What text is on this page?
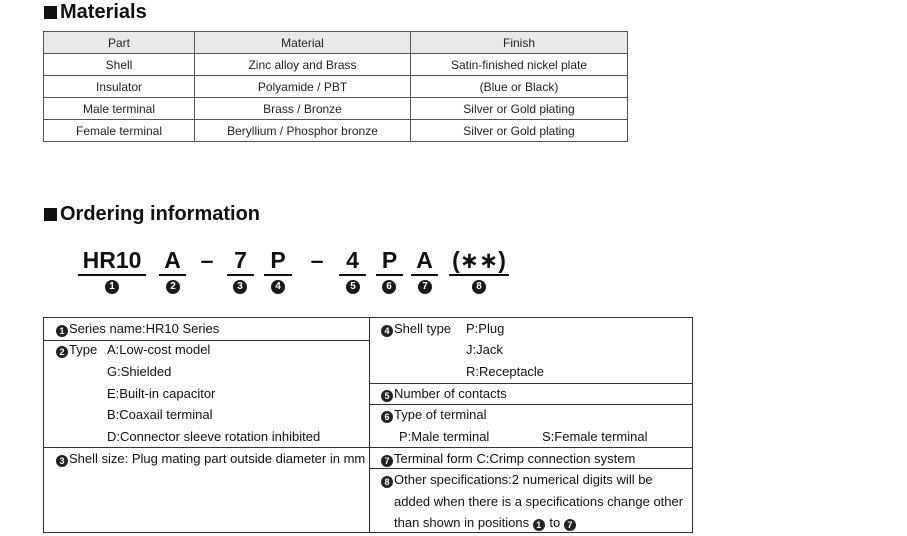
Materials
Part	Material	Finish
Shell	Zinc alloy and Brass	Satin-finished nickel plate
Insulator	Polyamide / PBT	(Blue or Black)
Male terminal	Brass / Bronze	Silver or Gold plating
Female terminal	Beryllium / Phosphor bronze	Silver or Gold plating
Ordering information
HR10 A – 7	P – 4 P A (∗∗)
1	2	3	4	5	6	7	8
1 Series name:HR10 Series
2 Type A:Low-cost model
G:Shielded
E:Built-in capacitor
B:Coaxail terminal
D:Connector sleeve rotation inhibited
3 Shell size: Plug mating part outside diameter in mm
4 Shell type P:Plug
J:Jack
R:Receptacle
5 Number of contacts
6 Type of terminal
P:Male terminal	S:Female terminal
7 Terminal form C:Crimp connection system
8 Other specifications:2 numerical digits will be
added when there is a specifications change other
than shown in positions 1 to 7
